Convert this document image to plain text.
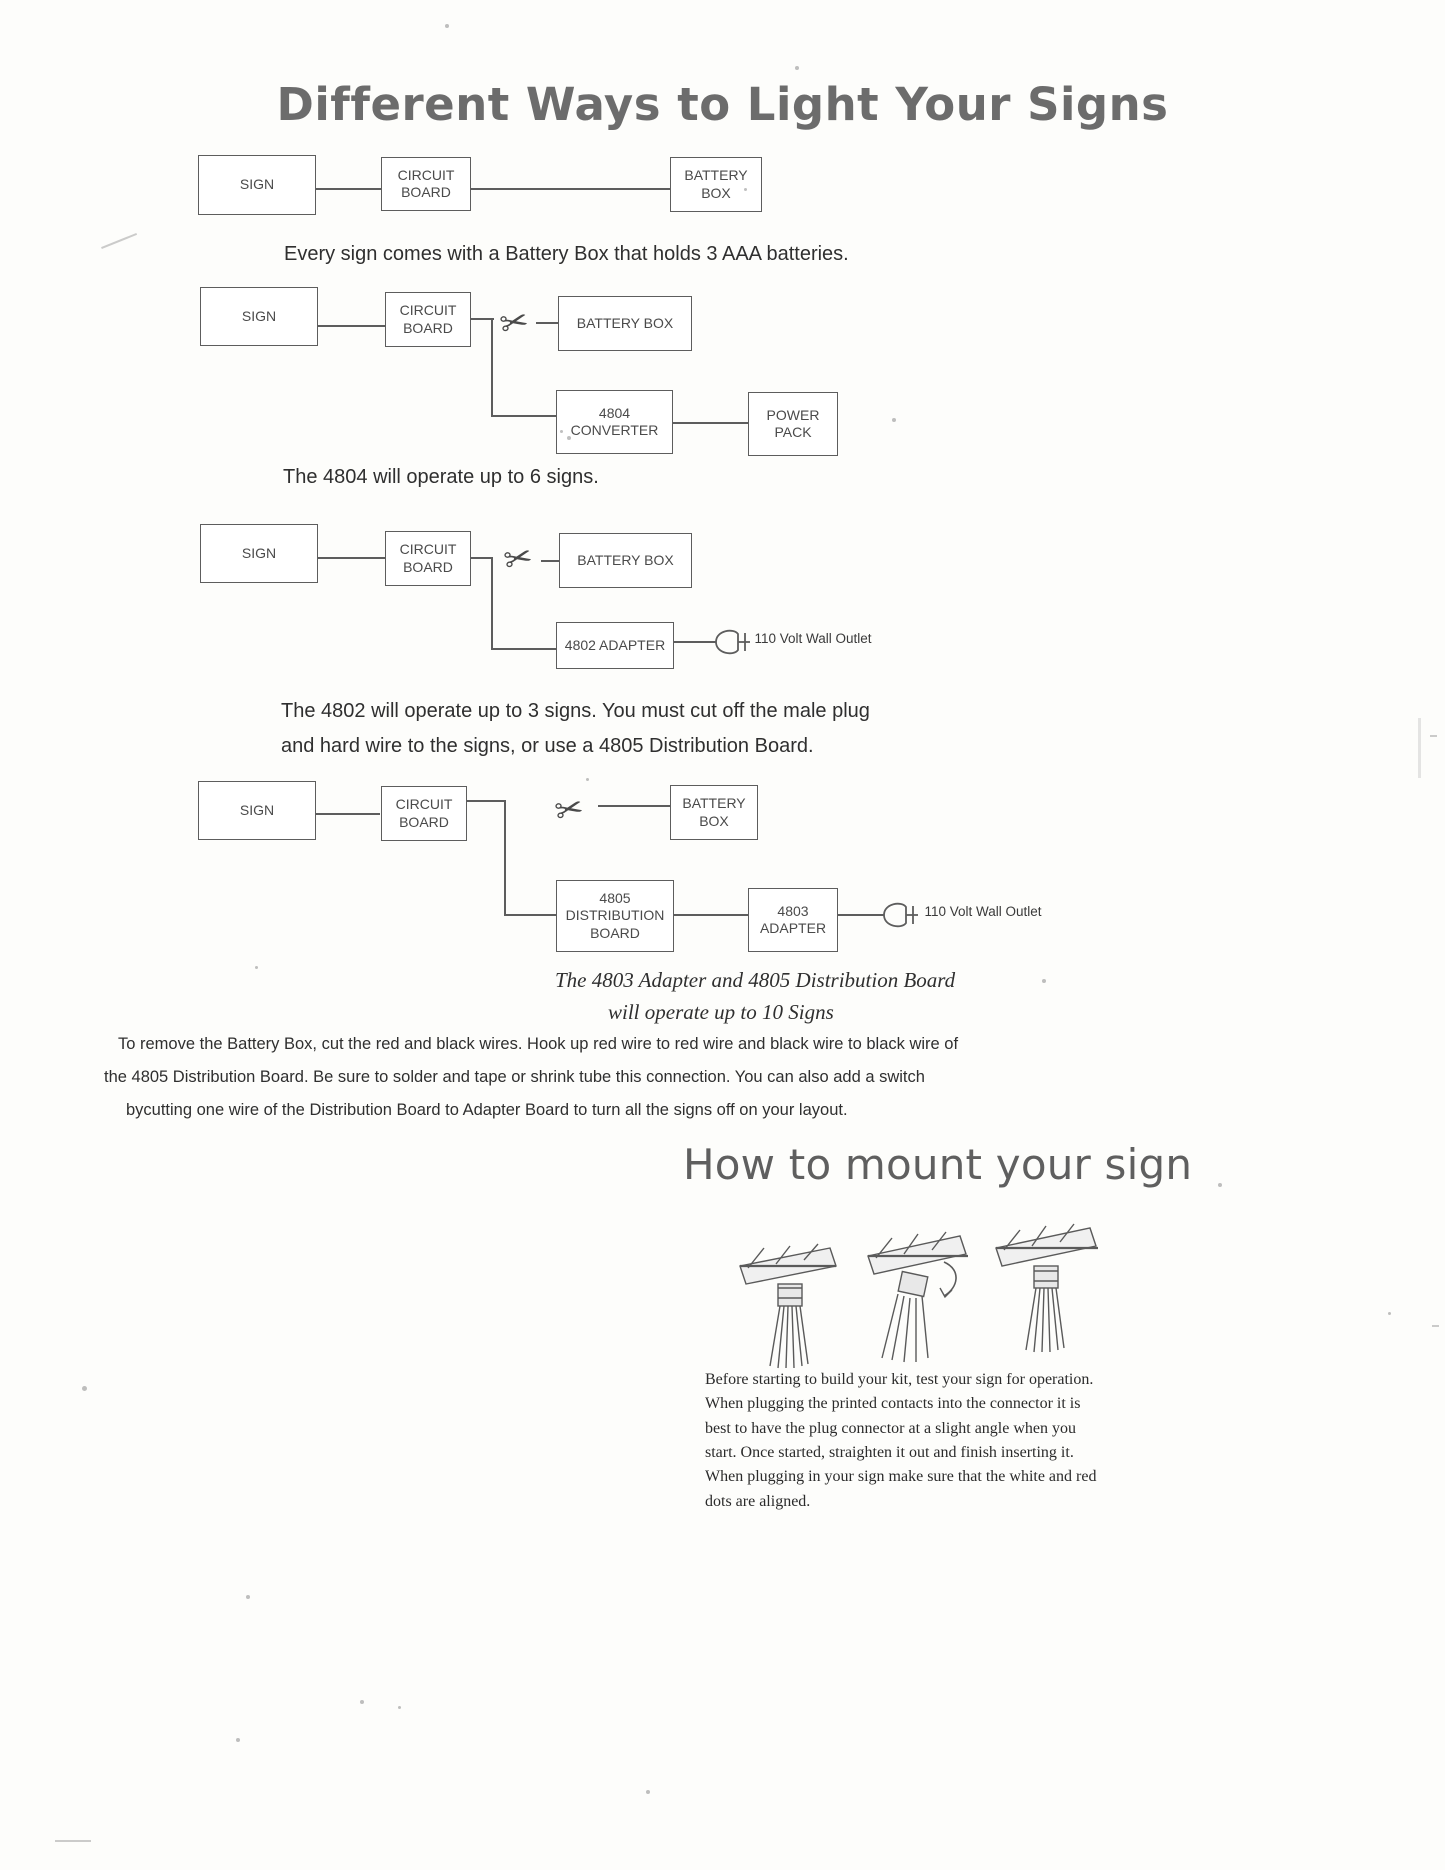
Different Ways to Light Your Signs
SIGN
CIRCUIT
BOARD
BATTERY
BOX
Every sign comes with a Battery Box that holds 3 AAA batteries.
✂
SIGN	CIRCUIT
BOARD	BATTERY BOX
4804
CONVERTER
POWER
PACK
The 4804 will operate up to 6 signs.
✂
SIGN	CIRCUIT
BOARD	BATTERY BOX
4802 ADAPTER	110 Volt Wall Outlet
The 4802 will operate up to 3 signs. You must cut off the male plug
and hard wire to the signs, or use a 4805 Distribution Board.
✂
SIGN	CIRCUIT
BOARD
BATTERY
BOX
4805
DISTRIBUTION
BOARD
4803
ADAPTER
110 Volt Wall Outlet
The 4803 Adapter and 4805 Distribution Board
will operate up to 10 Signs
To remove the Battery Box, cut the red and black wires. Hook up red wire to red wire and black wire to black wire of
the 4805 Distribution Board. Be sure to solder and tape or shrink tube this connection. You can also add a switch
bycutting one wire of the Distribution Board to Adapter Board to turn all the signs off on your layout.
How to mount your sign
Before starting to build your kit, test your sign for operation.
When plugging the printed contacts into the connector it is
best to have the plug connector at a slight angle when you
start. Once started, straighten it out and finish inserting it.
When plugging in your sign make sure that the white and red
dots are aligned.
